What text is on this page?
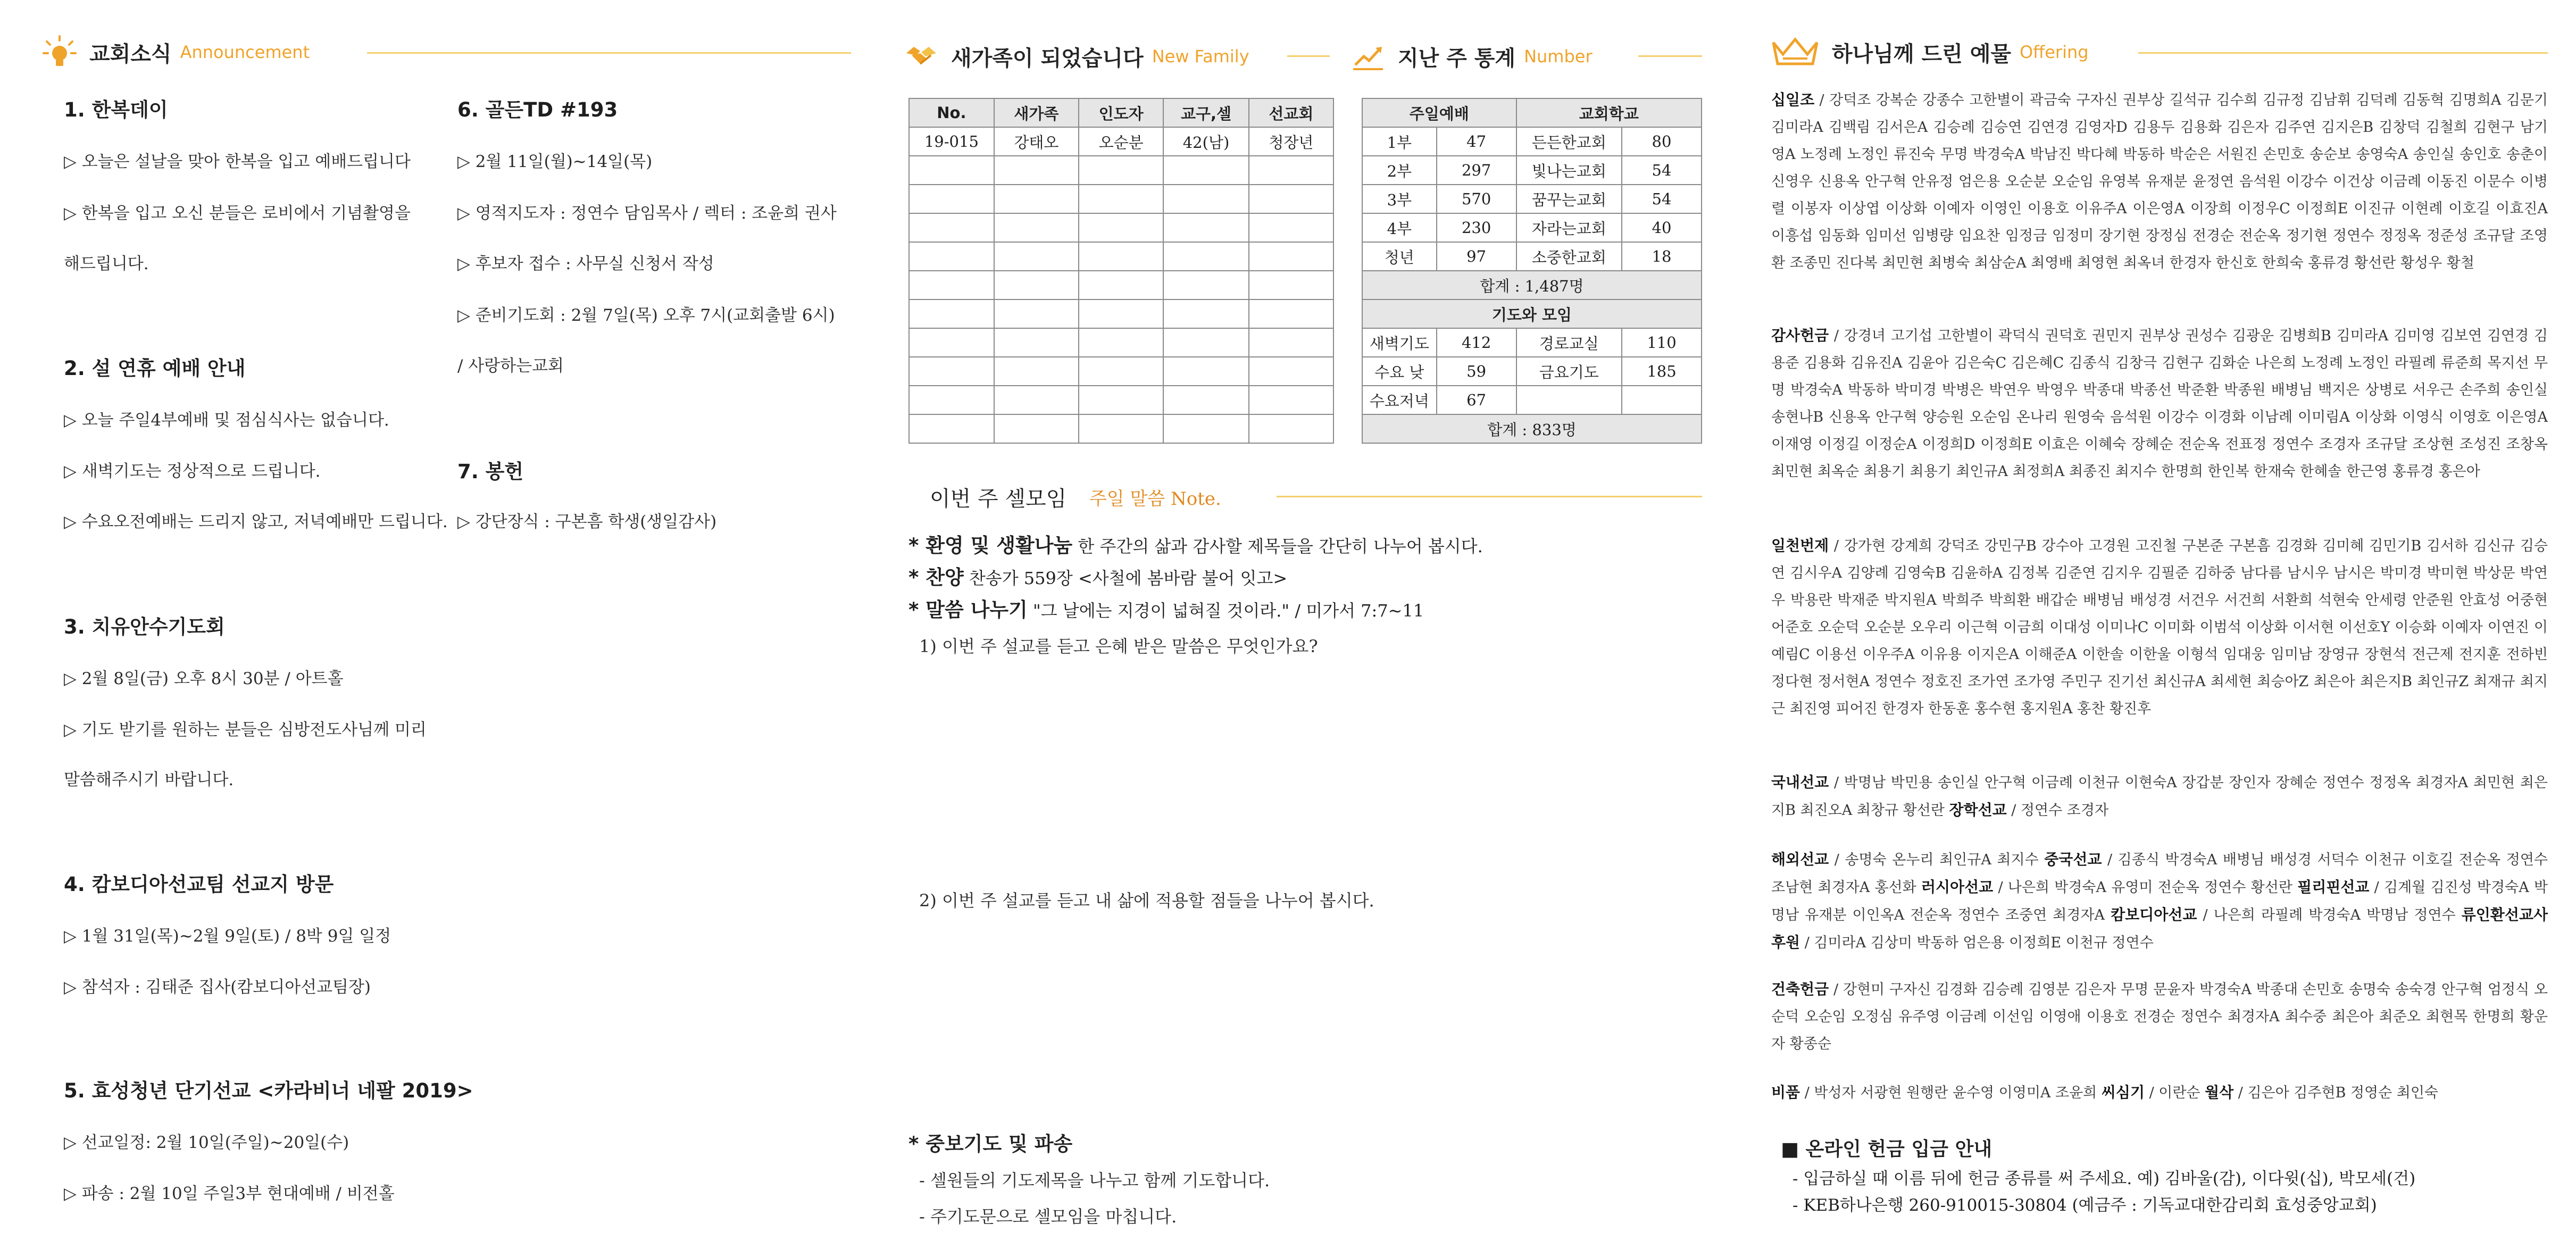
교회소식 Announcement
1. 한복데이
▷ 오늘은 설날을 맞아 한복을 입고 예배드립니다
▷ 한복을 입고 오신 분들은 로비에서 기념촬영을
해드립니다.
2. 설 연휴 예배 안내
▷ 오늘 주일4부예배 및 점심식사는 없습니다.
▷ 새벽기도는 정상적으로 드립니다.
▷ 수요오전예배는 드리지 않고, 저녁예배만 드립니다.
3. 치유안수기도회
▷ 2월 8일(금) 오후 8시 30분 / 아트홀
▷ 기도 받기를 원하는 분들은 심방전도사님께 미리
말씀해주시기 바랍니다.
4. 캄보디아선교팀 선교지 방문
▷ 1월 31일(목)~2월 9일(토) / 8박 9일 일정
▷ 참석자 : 김태준 집사(캄보디아선교팀장)
5. 효성청년 단기선교 <카라비너 네팔 2019>
▷ 선교일정: 2월 10일(주일)~20일(수)
▷ 파송 : 2월 10일 주일3부 현대예배 / 비전홀
6. 골든TD #193
▷ 2월 11일(월)~14일(목)
▷ 영적지도자 : 정연수 담임목사 / 렉터 : 조윤희 권사
▷ 후보자 접수 : 사무실 신청서 작성
▷ 준비기도회 : 2월 7일(목) 오후 7시(교회출발 6시)
/ 사랑하는교회
7. 봉헌
▷ 강단장식 : 구본흠 학생(생일감사)
새가족이 되었습니다 New Family	지난 주 통계 Number
No.	새가족	인도자	교구,셀	선교회
19-015	강태오	오순분	42(남)	청장년

주일예배		교회학교	
1부	47	든든한교회	80
2부	297	빛나는교회	54
3부	570	꿈꾸는교회	54
4부	230	자라는교회	40
청년	97	소중한교회	18
합계 : 1,487명			
기도와 모임			
새벽기도	412	경로교실	110
수요 낮	59	금요기도	185
수요저녁	67		
합계 : 833명			
이번 주 셀모임 주일 말씀 Note.
* 환영 및 생활나눔 한 주간의 삶과 감사할 제목들을 간단히 나누어 봅시다.
* 찬양 찬송가 559장 <사철에 봄바람 불어 잇고>
* 말씀 나누기 "그 날에는 지경이 넓혀질 것이라." / 미가서 7:7~11
1) 이번 주 설교를 듣고 은혜 받은 말씀은 무엇인가요?
2) 이번 주 설교를 듣고 내 삶에 적용할 점들을 나누어 봅시다.
* 중보기도 및 파송
- 셀원들의 기도제목을 나누고 함께 기도합니다.
- 주기도문으로 셀모임을 마칩니다.
하나님께 드린 예물 Offering
십일조 / 강덕조 강복순 강종수 고한별이 곽금숙 구자신 권부상 길석규 김수희 김규정 김남휘 김덕례 김동혁 김명희A 김문기 김미라A 김백림 김서은A 김승례 김승연 김연경 김영자D 김용두 김용화 김은자 김주연 김지은B 김창덕 김철희 김현구 남기영A 노정례 노정인 류진숙 무명 박경숙A 박남진 박다혜 박동하 박순은 서원진 손민호 송순보 송영숙A 송인실 송인호 송춘이 신영우 신용옥 안구혁 안유정 엄은용 오순분 오순임 유영복 유재분 윤정연 음석원 이강수 이건상 이금례 이동진 이문수 이병렬 이봉자 이상엽 이상화 이예자 이영인 이용호 이유주A 이은영A 이장희 이정우C 이정희E 이진규 이현례 이호길 이효진A 이흥섭 임동화 임미선 임병량 임요찬 임정금 임정미 장기현 장정심 전경순 전순옥 정기현 정연수 정정옥 정준성 조규달 조영환 조종민 진다복 최민현 최병숙 최삼순A 최영배 최영현 최옥녀 한경자 한신호 한희숙 홍류경 황선란 황성우 황철
감사헌금 / 강경녀 고기섭 고한별이 곽덕식 권덕호 권민지 권부상 권성수 김광운 김병희B 김미라A 김미영 김보연 김연경 김용준 김용화 김유진A 김윤아 김은숙C 김은혜C 김종식 김창극 김현구 김화순 나은희 노정례 노정인 라필례 류준희 목지선 무명 박경숙A 박동하 박미경 박병은 박연우 박영우 박종대 박종선 박준환 박종원 배병님 백지은 상병로 서우근 손주희 송인실 송현나B 신용옥 안구혁 양승원 오순임 온나리 원영숙 음석원 이강수 이경화 이남례 이미림A 이상화 이영식 이영호 이은영A 이재영 이정길 이정순A 이정희D 이정희E 이효은 이혜숙 장혜순 전순옥 전표정 정연수 조경자 조규달 조상현 조성진 조창옥 최민현 최옥순 최용기 최용기 최인규A 최정희A 최종진 최지수 한명희 한인복 한재숙 한혜솔 한근영 홍류경 홍은아
일천번제 / 강가현 강계희 강덕조 강민구B 강수아 고경원 고진철 구본준 구본흠 김경화 김미혜 김민기B 김서하 김신규 김승연 김시우A 김양례 김영숙B 김윤하A 김정복 김준연 김지우 김필준 김하중 남다름 남시우 남시은 박미경 박미현 박상문 박연우 박용란 박재준 박지원A 박희주 박희환 배갑순 배병님 배성경 서건우 서건희 서환희 석현숙 안세령 안준원 안효성 어중현 어준호 오순덕 오순분 오우리 이근혁 이금희 이대성 이미나C 이미화 이범석 이상화 이서현 이선호Y 이승화 이예자 이연진 이예림C 이용선 이우주A 이유용 이지은A 이해준A 이한솔 이한울 이형석 임대웅 임미남 장영규 장현석 전근제 전지훈 전하빈 정다현 정서현A 정연수 정호진 조가연 조가영 주민구 진기선 최신규A 최세현 최승아Z 최은아 최은지B 최인규Z 최재규 최지근 최진영 피어진 한경자 한동훈 홍수현 홍지원A 홍찬 황진후
국내선교 / 박명남 박민용 송인실 안구혁 이금례 이천규 이현숙A 장갑분 장인자 장혜순 정연수 정정옥 최경자A 최민현 최은지B 최진오A 최창규 황선란 장학선교 / 정연수 조경자
해외선교 / 송명숙 온누리 최인규A 최지수 중국선교 / 김종식 박경숙A 배병님 배성경 서덕수 이천규 이호길 전순옥 정연수 조남현 최경자A 홍선화 러시아선교 / 나은희 박경숙A 유영미 전순옥 정연수 황선란 필리핀선교 / 김계월 김진성 박경숙A 박명남 유재분 이인옥A 전순옥 정연수 조중연 최경자A 캄보디아선교 / 나은희 라필례 박경숙A 박명남 정연수 류인환선교사 후원 / 김미라A 김상미 박동하 엄은용 이정희E 이천규 정연수
건축헌금 / 강현미 구자신 김경화 김승례 김영분 김은자 무명 문윤자 박경숙A 박종대 손민호 송명숙 송숙경 안구혁 엄정식 오순덕 오순임 오정심 유주영 이금례 이선임 이영애 이용호 전경순 정연수 최경자A 최수중 최은아 최준오 최현목 한명희 황운자 황종순
비품 / 박성자 서광현 원행란 윤수영 이영미A 조윤희 씨심기 / 이란순 월삭 / 김은아 김주현B 정영순 최인숙
■ 온라인 헌금 입금 안내
- 입금하실 때 이름 뒤에 헌금 종류를 써 주세요. 예) 김바울(감), 이다윗(십), 박모세(건)
- KEB하나은행 260-910015-30804 (예금주 : 기독교대한감리회 효성중앙교회)
